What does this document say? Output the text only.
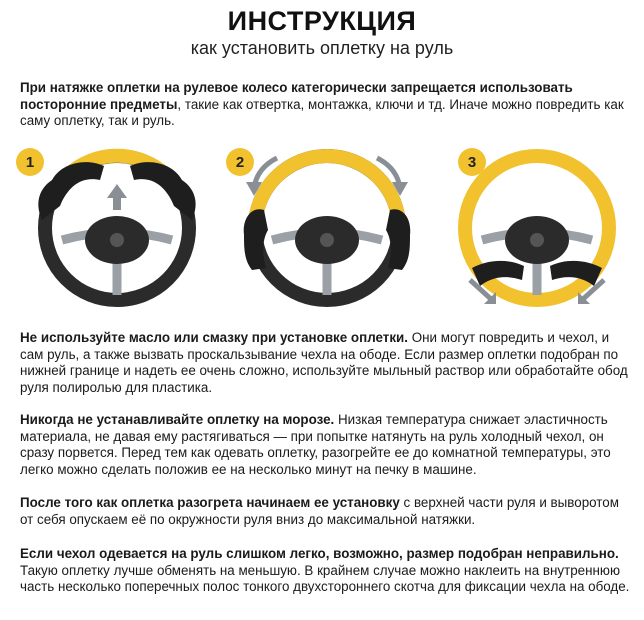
ИНСТРУКЦИЯ
как установить оплетку на руль

При натяжке оплетки на рулевое колесо категорически запрещается использовать посторонние предметы, такие как отвертка, монтажка, ключи и тд. Иначе можно повредить как саму оплетку, так и руль.

1	2	3

Не используйте масло или смазку при установке оплетки. Они могут повредить и чехол, и сам руль, а также вызвать проскальзывание чехла на ободе. Если размер оплетки подобран по нижней границе и надеть ее очень сложно, используйте мыльный раствор или обработайте обод руля полиролью для пластика.

Никогда не устанавливайте оплетку на морозе. Низкая температура снижает эластичность материала, не давая ему растягиваться — при попытке натянуть на руль холодный чехол, он сразу порвется. Перед тем как одевать оплетку, разогрейте ее до комнатной температуры, это легко можно сделать положив ее на несколько минут на печку в машине.

После того как оплетка разогрета начинаем ее установку с верхней части руля и выворотом от себя опускаем её по окружности руля вниз до максимальной натяжки.

Если чехол одевается на руль слишком легко, возможно, размер подобран неправильно. Такую оплетку лучше обменять на меньшую. В крайнем случае можно наклеить на внутреннюю часть несколько поперечных полос тонкого двухстороннего скотча для фиксации чехла на ободе.
